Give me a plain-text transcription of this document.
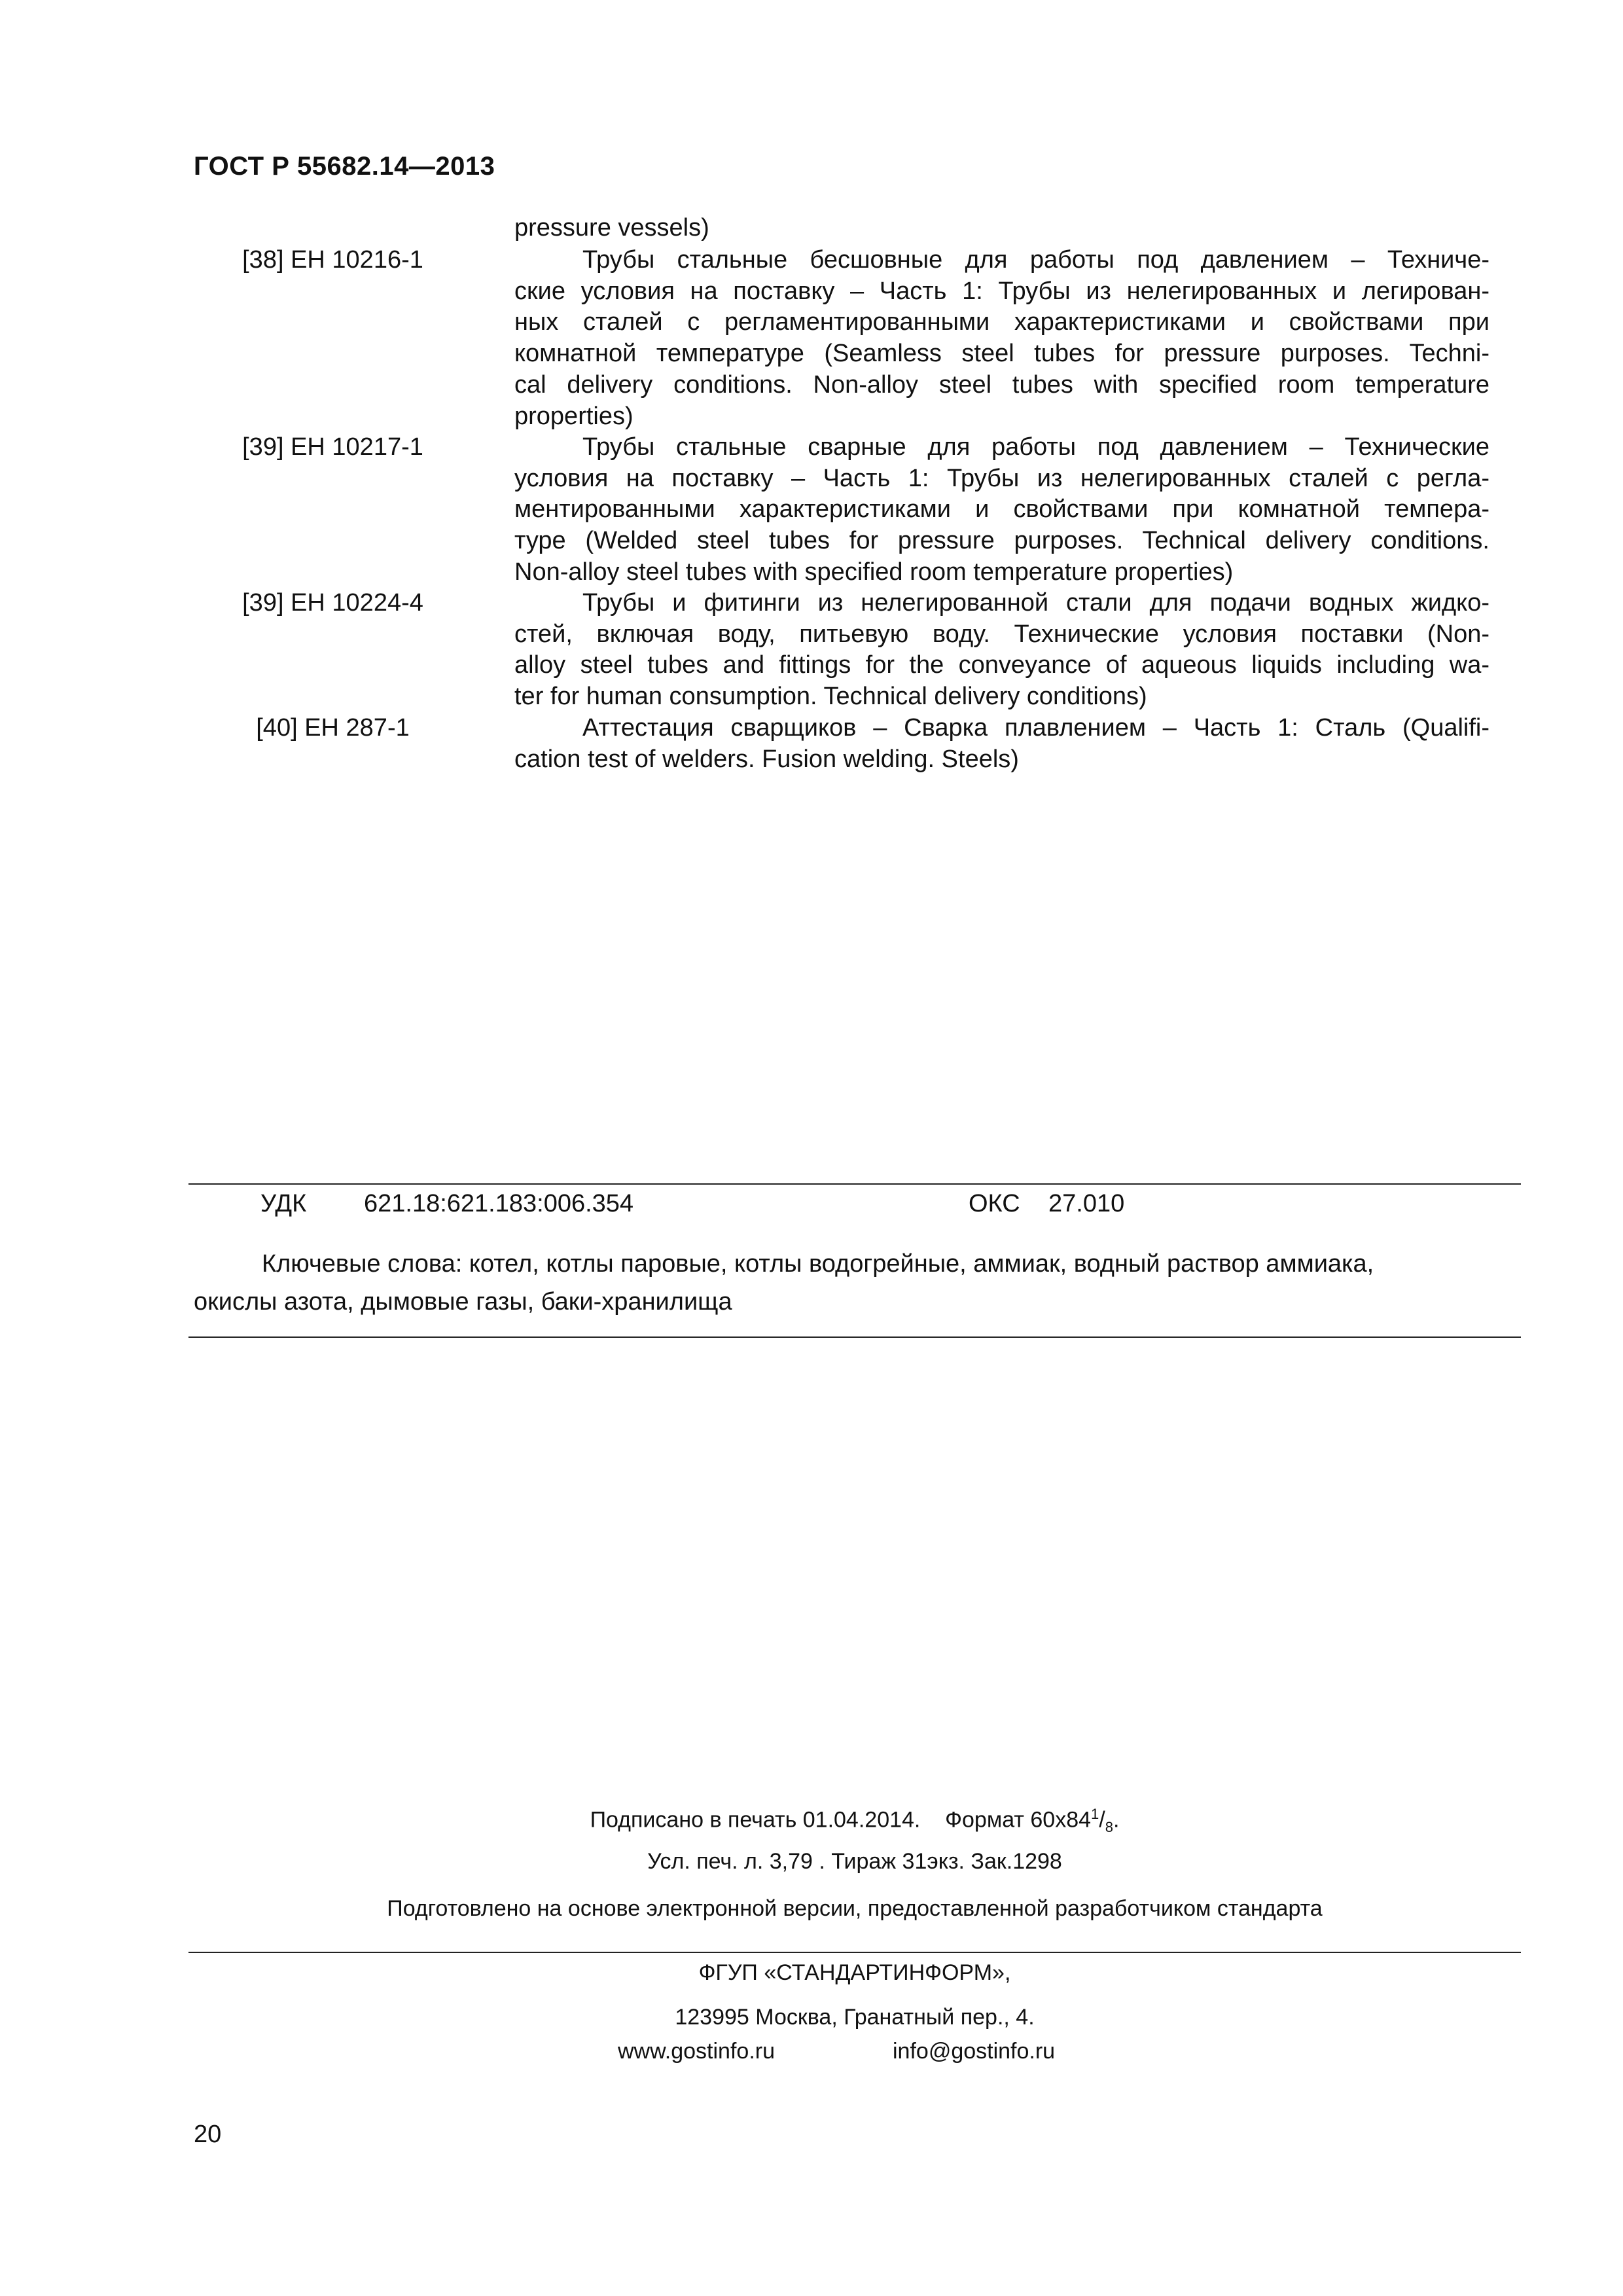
ГОСТ Р 55682.14—2013
pressure vessels)
[38] EH 10216-1	Трубы стальные бесшовные для работы под давлением – Техниче-
ские условия на поставку – Часть 1: Трубы из нелегированных и легирован-
ных сталей с регламентированными характеристиками и свойствами при
комнатной температуре (Seamless steel tubes for pressure purposes. Techni-
cal delivery conditions. Non-alloy steel tubes with specified room temperature
properties)
[39] EH 10217-1	Трубы стальные сварные для работы под давлением – Технические
условия на поставку – Часть 1: Трубы из нелегированных сталей с регла-
ментированными характеристиками и свойствами при комнатной темпера-
туре (Welded steel tubes for pressure purposes. Technical delivery conditions.
Non-alloy steel tubes with specified room temperature properties)
[39] EH 10224-4	Трубы и фитинги из нелегированной стали для подачи водных жидко-
стей, включая воду, питьевую воду. Технические условия поставки (Non-
alloy steel tubes and fittings for the conveyance of aqueous liquids including wa-
ter for human consumption. Technical delivery conditions)
[40] EH 287-1	Аттестация сварщиков – Сварка плавлением – Часть 1: Сталь (Qualifi-
cation test of welders. Fusion welding. Steels)
УДК 621.18:621.183:006.354	ОКС 27.010
Ключевые слова: котел, котлы паровые, котлы водогрейные, аммиак, водный раствор аммиака,
окислы азота, дымовые газы, баки-хранилища
Подписано в печать 01.04.2014. Формат $60х84^1/_8$.
Усл. печ. л. 3,79 . Тираж 31экз. Зак.1298
Подготовлено на основе электронной версии, предоставленной разработчиком стандарта
ФГУП «СТАНДАРТИНФОРМ»,
123995 Москва, Гранатный пер., 4.
www.gostinfo.ru	info@gostinfo.ru
20
